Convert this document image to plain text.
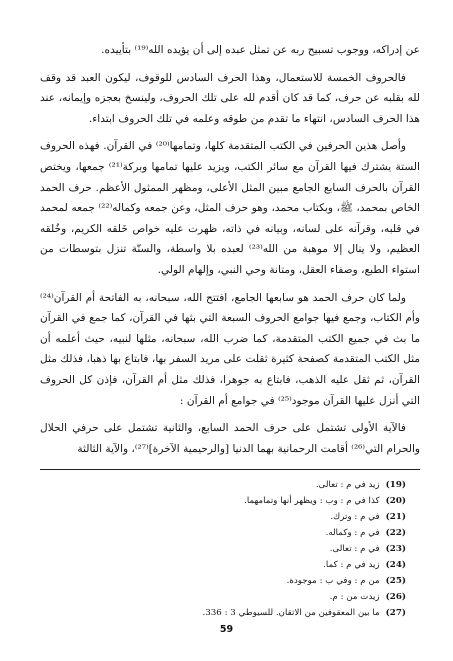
عن إدراكه، ووجوب تسبيح ربه عن تمثل عبده إلى أن يؤيده الله⁽¹⁹⁾ بتأييده.

فالحروف الخمسة للاستعمال، وهذا الحرف السادس للوقوف، ليكون العبد قد وقف لله بقلبه عن حرف، كما قد كان أقدم لله على تلك الحروف، ولينسخ بعجزه وإيمانه، عند هذا الحرف السادس، انتهاء ما تقدم من طوقه وعلمه في تلك الحروف ابتداء.

وأصل هذين الحرفين في الكتب المتقدمة كلها، وتمامها⁽²⁰⁾ في القرآن. فهذه الحروف الستة يشترك فيها القرآن مع سائر الكتب، ويزيد عليها تمامها وبركة⁽²¹⁾ جمعها، ويختص القرآن بالحرف السابع الجامع مبين المثل الأعلى، ومظهر الممثول الأعظم. حرف الحمد الخاص بمحمد، ﷺ، وبكتاب محمد، وهو حرف المثل، وعن جمعه وكماله⁽²²⁾ جمعه لمحمد في قلبه، وقرآنه على لسانه، وبيانه في ذاته، ظهرت عليه خواص خَلقه الكريم، وخُلقه العظيم، ولا ينال إلا موهبة من الله⁽²³⁾ لعبده بلا واسطة، والسنّة تنزل بتوسطات من استواء الطبع، وصفاء العقل، ومتانة وحي النبي، وإلهام الولي.

ولما كان حرف الحمد هو سابعها الجامع، افتتح الله، سبحانه، به الفاتحة أم القرآن⁽²⁴⁾ وأم الكتاب، وجمع فيها جوامع الحروف السبعة التي بثها في القرآن، كما جمع في القرآن ما بث في جميع الكتب المتقدمة، كما ضرب الله، سبحانه، مثلها لنبيه، حيث أعلمه أن مثل الكتب المتقدمة كصفحة كثيرة ثقلت على مريد السفر بها، فابتاع بها ذهبا، فذلك مثل القرآن، ثم ثقل عليه الذهب، فابتاع به جوهرا، فذلك مثل أم القرآن، فإذن كل الحروف التي أنزل عليها القرآن موجود⁽²⁵⁾ في جوامع أم القرآن :

فالآية الأولى تشتمل على حرف الحمد السابع، والثانية تشتمل على حرفي الحلال والحرام التي⁽²⁶⁾ أقامت الرحمانية بهما الدنيا [والرحيمية الآخرة]⁽²⁷⁾، والآية الثالثة

(19)زيد في م : تعالى.
(20)كذا في م : وب : ويظهر أنها وتمامهما.
(21)في م : وترك.
(22)في م : وكماله.
(23)في م : تعالى.
(24)زيد في م : كما.
(25)من م : وفي ب : موجودة.
(26)زيدت من : م.
(27)ما بين المعقوفين من الاتقان. للسيوطي 3 : 336.
59
